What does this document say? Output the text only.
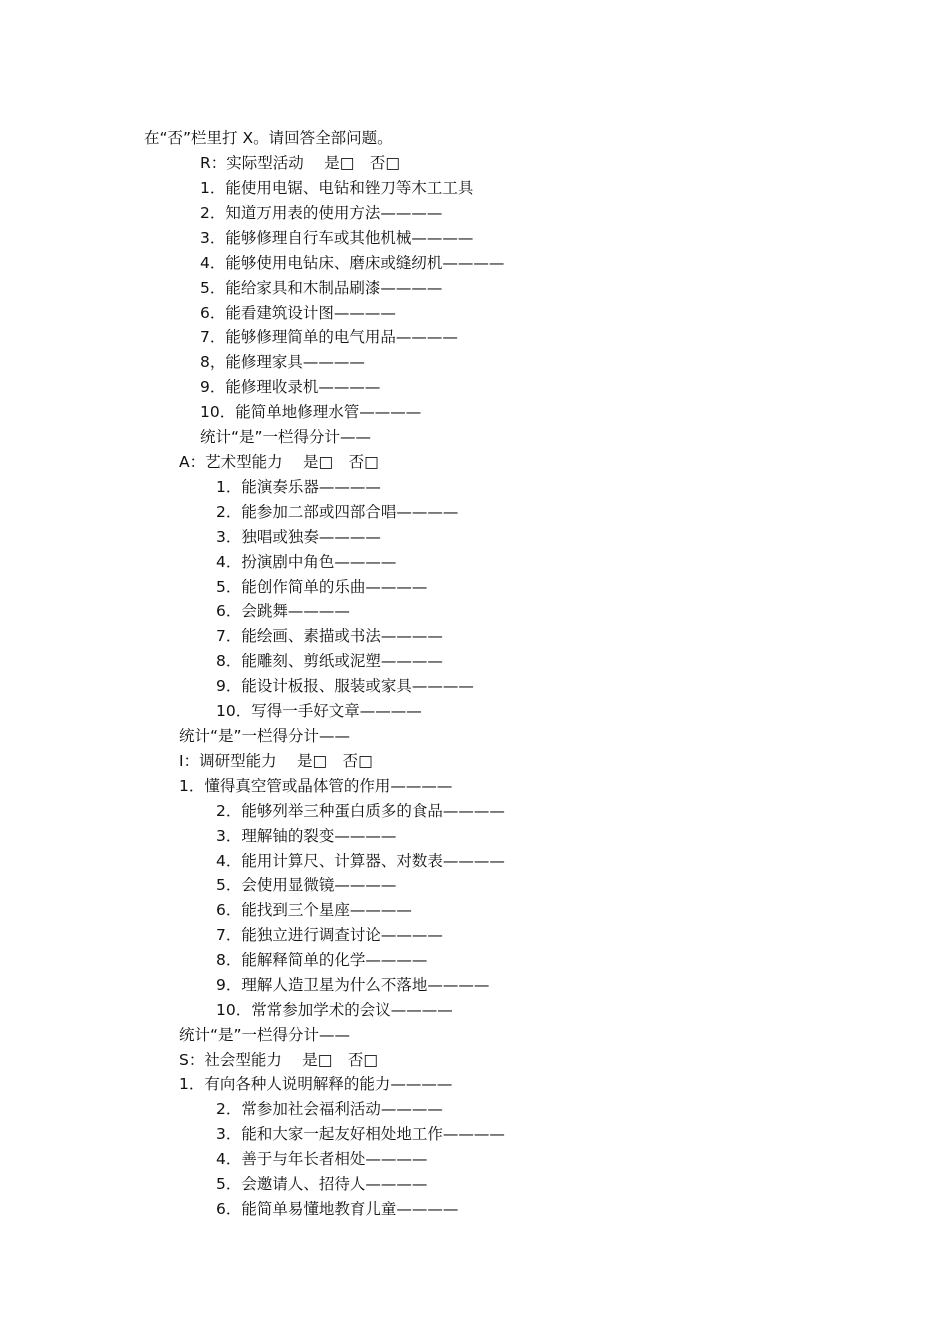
在“否”栏里打 X。请回答全部问题。
R：实际型活动　 是□　否□
1．能使用电锯、电钻和锉刀等木工工具
2．知道万用表的使用方法————
3．能够修理自行车或其他机械————
4．能够使用电钻床、磨床或缝纫机————
5．能给家具和木制品刷漆————
6．能看建筑设计图————
7．能够修理简单的电气用品————
8，能修理家具————
9．能修理收录机————
10．能简单地修理水管————
统计“是”一栏得分计——
A：艺术型能力　 是□　否□
1．能演奏乐器————
2．能参加二部或四部合唱————
3．独唱或独奏————
4．扮演剧中角色————
5．能创作简单的乐曲————
6．会跳舞————
7．能绘画、素描或书法————
8．能雕刻、剪纸或泥塑————
9．能设计板报、服装或家具————
10．写得一手好文章————
统计“是”一栏得分计——
I：调研型能力　 是□　否□
1．懂得真空管或晶体管的作用————
2．能够列举三种蛋白质多的食品————
3．理解铀的裂变————
4．能用计算尺、计算器、对数表————
5．会使用显微镜————
6．能找到三个星座————
7．能独立进行调查讨论————
8．能解释简单的化学————
9．理解人造卫星为什么不落地————
10．常常参加学术的会议————
统计“是”一栏得分计——
S：社会型能力　 是□　否□
1．有向各种人说明解释的能力————
2．常参加社会福利活动————
3．能和大家一起友好相处地工作————
4．善于与年长者相处————
5．会邀请人、招待人————
6．能简单易懂地教育儿童————
